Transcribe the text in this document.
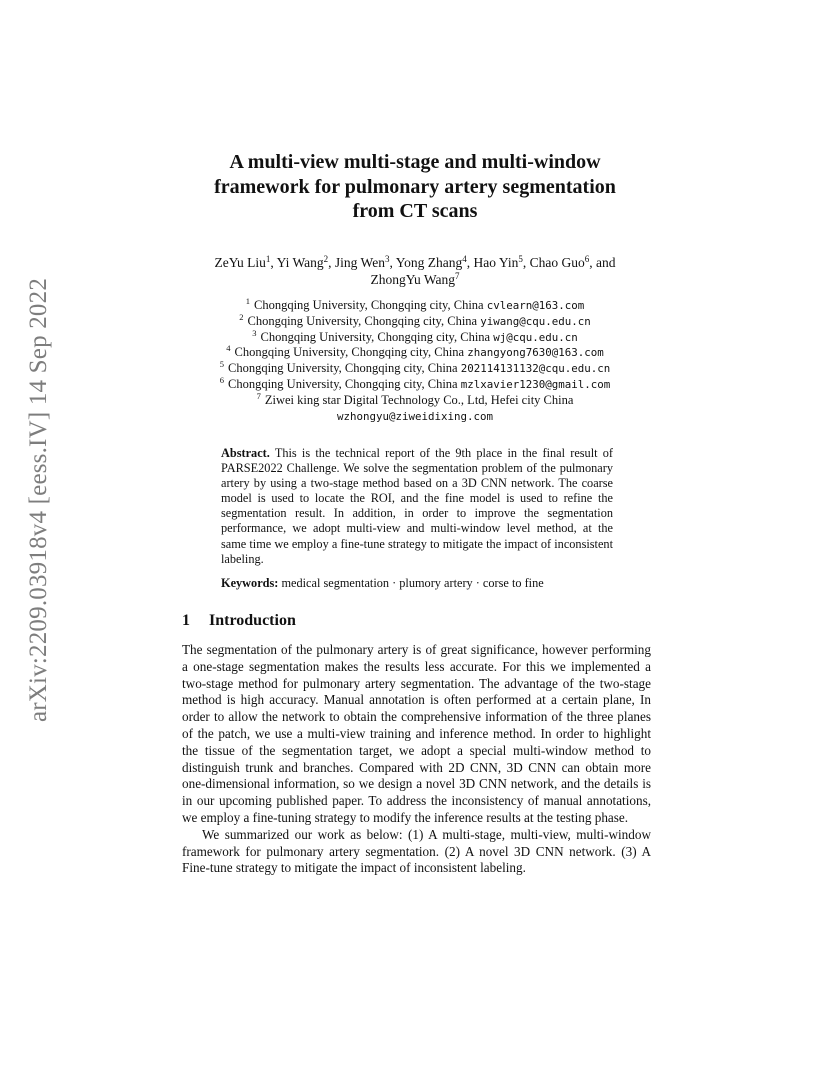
arXiv:2209.03918v4 [eess.IV] 14 Sep 2022
A multi-view multi-stage and multi-window
framework for pulmonary artery segmentation
from CT scans
ZeYu Liu$^1$, Yi Wang$^2$, Jing Wen$^3$, Yong Zhang$^4$, Hao Yin$^5$, Chao Guo$^6$, and
ZhongYu Wang$^7$
$^1$ Chongqing University, Chongqing city, China cvlearn@163.com
$^2$ Chongqing University, Chongqing city, China yiwang@cqu.edu.cn
$^3$ Chongqing University, Chongqing city, China wj@cqu.edu.cn
$^4$ Chongqing University, Chongqing city, China zhangyong7630@163.com
$^5$ Chongqing University, Chongqing city, China 202114131132@cqu.edu.cn
$^6$ Chongqing University, Chongqing city, China mzlxavier1230@gmail.com
$^7$ Ziwei king star Digital Technology Co., Ltd, Hefei city China
wzhongyu@ziweidixing.com
Abstract. This is the technical report of the 9th place in the final result of PARSE2022 Challenge. We solve the segmentation problem of the pulmonary artery by using a two-stage method based on a 3D CNN network. The coarse model is used to locate the ROI, and the fine model is used to refine the segmentation result. In addition, in order to improve the segmentation performance, we adopt multi-view and multi-window level method, at the same time we employ a fine-tune strategy to mitigate the impact of inconsistent labeling.
Keywords: medical segmentation · plumory artery · corse to fine
1 Introduction

The segmentation of the pulmonary artery is of great significance, however performing a one-stage segmentation makes the results less accurate. For this we implemented a two-stage method for pulmonary artery segmentation. The advantage of the two-stage method is high accuracy. Manual annotation is often performed at a certain plane, In order to allow the network to obtain the comprehensive information of the three planes of the patch, we use a multi-view training and inference method. In order to highlight the tissue of the segmentation target, we adopt a special multi-window method to distinguish trunk and branches. Compared with 2D CNN, 3D CNN can obtain more one-dimensional information, so we design a novel 3D CNN network, and the details is in our upcoming published paper. To address the inconsistency of manual annotations, we employ a fine-tuning strategy to modify the inference results at the testing phase.

We summarized our work as below: (1) A multi-stage, multi-view, multi-window framework for pulmonary artery segmentation. (2) A novel 3D CNN network. (3) A Fine-tune strategy to mitigate the impact of inconsistent labeling.
